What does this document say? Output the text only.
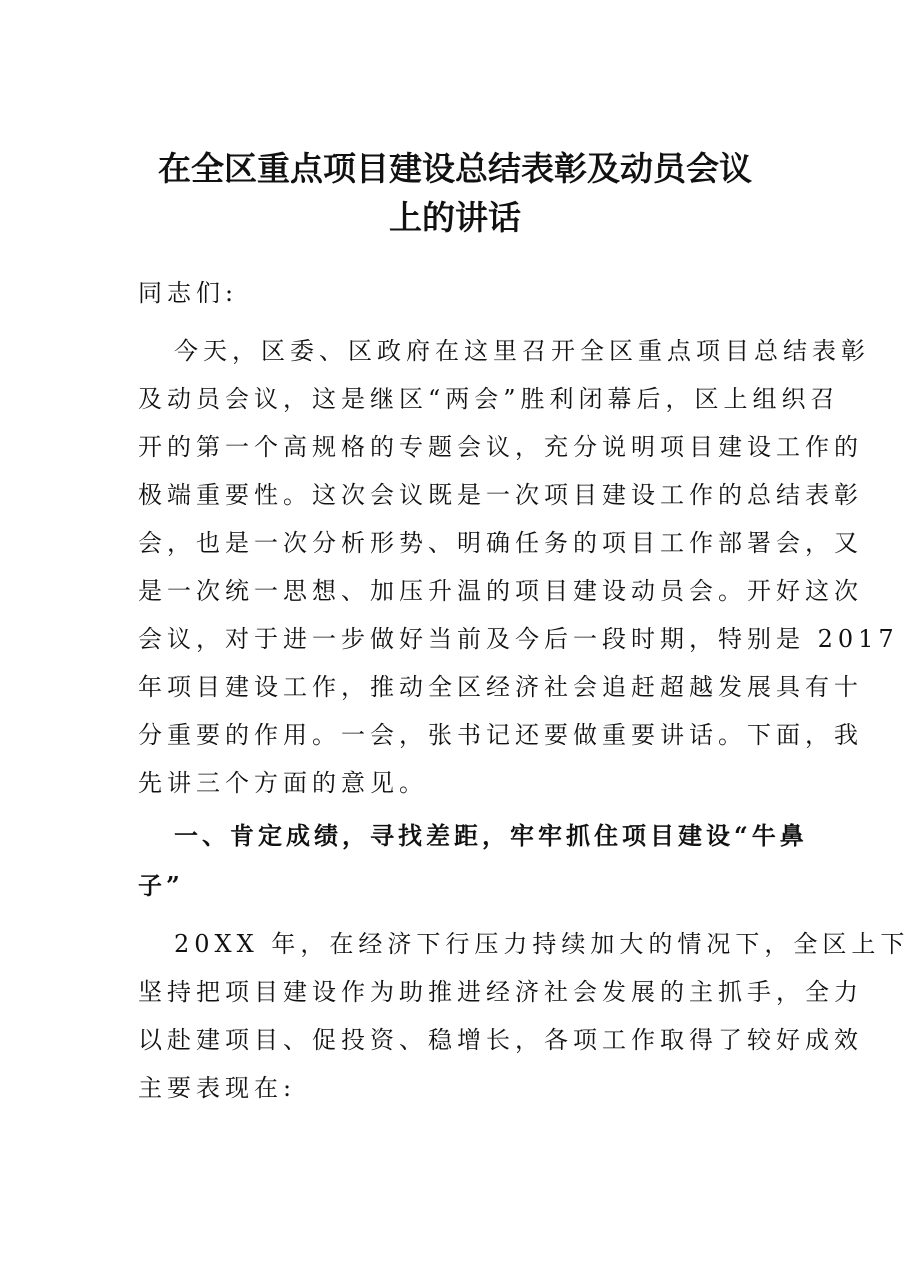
在全区重点项目建设总结表彰及动员会议
上的讲话

同志们:

今天，区委、区政府在这里召开全区重点项目总结表彰
及动员会议，这是继区“两会”胜利闭幕后，区上组织召
开的第一个高规格的专题会议，充分说明项目建设工作的
极端重要性。这次会议既是一次项目建设工作的总结表彰
会，也是一次分析形势、明确任务的项目工作部署会，又
是一次统一思想、加压升温的项目建设动员会。开好这次
会议，对于进一步做好当前及今后一段时期，特别是 2017
年项目建设工作，推动全区经济社会追赶超越发展具有十
分重要的作用。一会，张书记还要做重要讲话。下面，我
先讲三个方面的意见。
一、肯定成绩，寻找差距，牢牢抓住项目建设“牛鼻
子”
20XX 年，在经济下行压力持续加大的情况下，全区上下
坚持把项目建设作为助推进经济社会发展的主抓手，全力
以赴建项目、促投资、稳增长，各项工作取得了较好成效
主要表现在:
